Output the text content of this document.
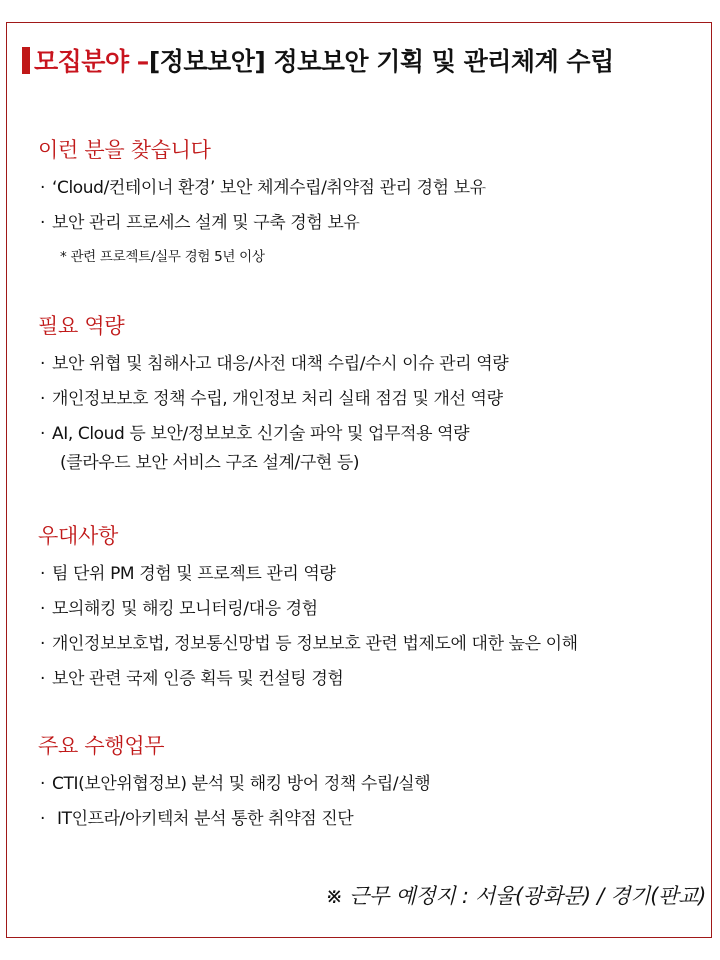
모집분야 – [정보보안] 정보보안 기획 및 관리체계 수립
이런 분을 찾습니다
· ‘Cloud/컨테이너 환경’ 보안 체계수립/취약점 관리 경험 보유
· 보안 관리 프로세스 설계 및 구축 경험 보유
* 관련 프로젝트/실무 경험 5년 이상
필요 역량
· 보안 위협 및 침해사고 대응/사전 대책 수립/수시 이슈 관리 역량
· 개인정보보호 정책 수립, 개인정보 처리 실태 점검 및 개선 역량
· AI, Cloud 등 보안/정보보호 신기술 파악 및 업무적용 역량
(클라우드 보안 서비스 구조 설계/구현 등)
우대사항
· 팀 단위 PM 경험 및 프로젝트 관리 역량
· 모의해킹 및 해킹 모니터링/대응 경험
· 개인정보보호법, 정보통신망법 등 정보보호 관련 법제도에 대한 높은 이해
· 보안 관련 국제 인증 획득 및 컨설팅 경험
주요 수행업무
· CTI(보안위협정보) 분석 및 해킹 방어 정책 수립/실행
· IT인프라/아키텍처 분석 통한 취약점 진단
※ 근무 예정지 : 서울(광화문) / 경기(판교)
